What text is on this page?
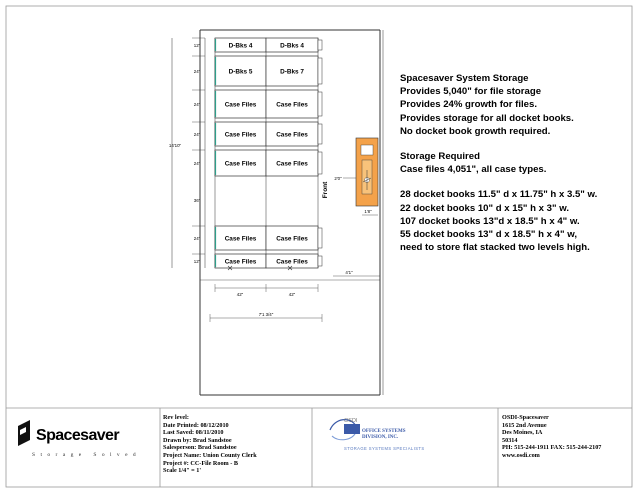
D-Bks 4	D-Bks 4
D-Bks 5	D-Bks 7
Case Files	Case Files
Case Files	Case Files
Case Files	Case Files
Case Files	Case Files
Case Files	Case Files
12"
24"
24"
24"
24"
24"
12"
14'10"
36"
Front
2'0"
1'8"
4'1"
42"	42"
7'1 3/4"
Spacesaver System Storage
Provides 5,040" for file storage
Provides 24% growth for files.
Provides storage for all docket books.
No docket book growth required.
Storage Required
Case files 4,051", all case types.
28 docket books 11.5" d x 11.75" h x 3.5" w.
22 docket books 10" d x 15" h x 3" w.
107 docket books 13"d x 18.5" h x 4" w.
55 docket books 13" d x 18.5" h x 4" w,
need to store flat stacked two levels high.
Spacesaver
Storage Solved
Rev level:
Date Printed: 08/12/2010
Last Saved: 08/11/2010
Drawn by: Brad Sandstoe
Salesperson: Brad Sandstoe
Project Name: Union County Clerk
Project #: CC-File Room - B
Scale 1/4" = 1'
OSDI
OFFICE SYSTEMS
DIVISION, INC.
STORAGE SYSTEMS SPECIALISTS
OSDI-Spacesaver
1615 2nd Avenue
Des Moines, IA
50314
PH: 515-244-1911 FAX: 515-244-2107
www.osdi.com
